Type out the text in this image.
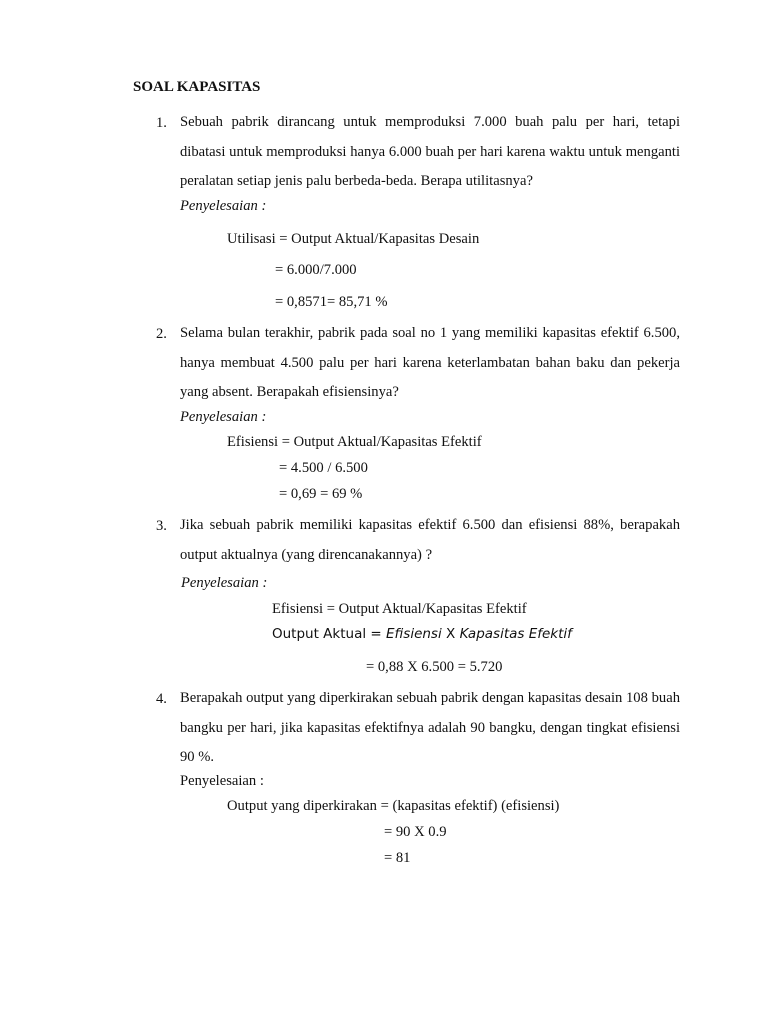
SOAL KAPASITAS
1. Sebuah pabrik dirancang untuk memproduksi 7.000 buah palu per hari, tetapi dibatasi untuk memproduksi hanya 6.000 buah per hari karena waktu untuk menganti peralatan setiap jenis palu berbeda-beda. Berapa utilitasnya?
Penyelesaian :
Utilisasi = Output Aktual/Kapasitas Desain
= 6.000/7.000
= 0,8571= 85,71 %
2. Selama bulan terakhir, pabrik pada soal no 1 yang memiliki kapasitas efektif 6.500, hanya membuat 4.500 palu per hari karena keterlambatan bahan baku dan pekerja yang absent. Berapakah efisiensinya?
Penyelesaian :
Efisiensi = Output Aktual/Kapasitas Efektif
= 4.500 / 6.500
= 0,69 = 69 %
3. Jika sebuah pabrik memiliki kapasitas efektif 6.500 dan efisiensi 88%, berapakah output aktualnya (yang direncanakannya) ?
Penyelesaian :
Efisiensi = Output Aktual/Kapasitas Efektif
Output Aktual = Efisiensi X Kapasitas Efektif
= 0,88 X 6.500 = 5.720
4. Berapakah output yang diperkirakan sebuah pabrik dengan kapasitas desain 108 buah bangku per hari, jika kapasitas efektifnya adalah 90 bangku, dengan tingkat efisiensi 90 %.
Penyelesaian :
Output yang diperkirakan = (kapasitas efektif) (efisiensi)
= 90 X 0.9
= 81
